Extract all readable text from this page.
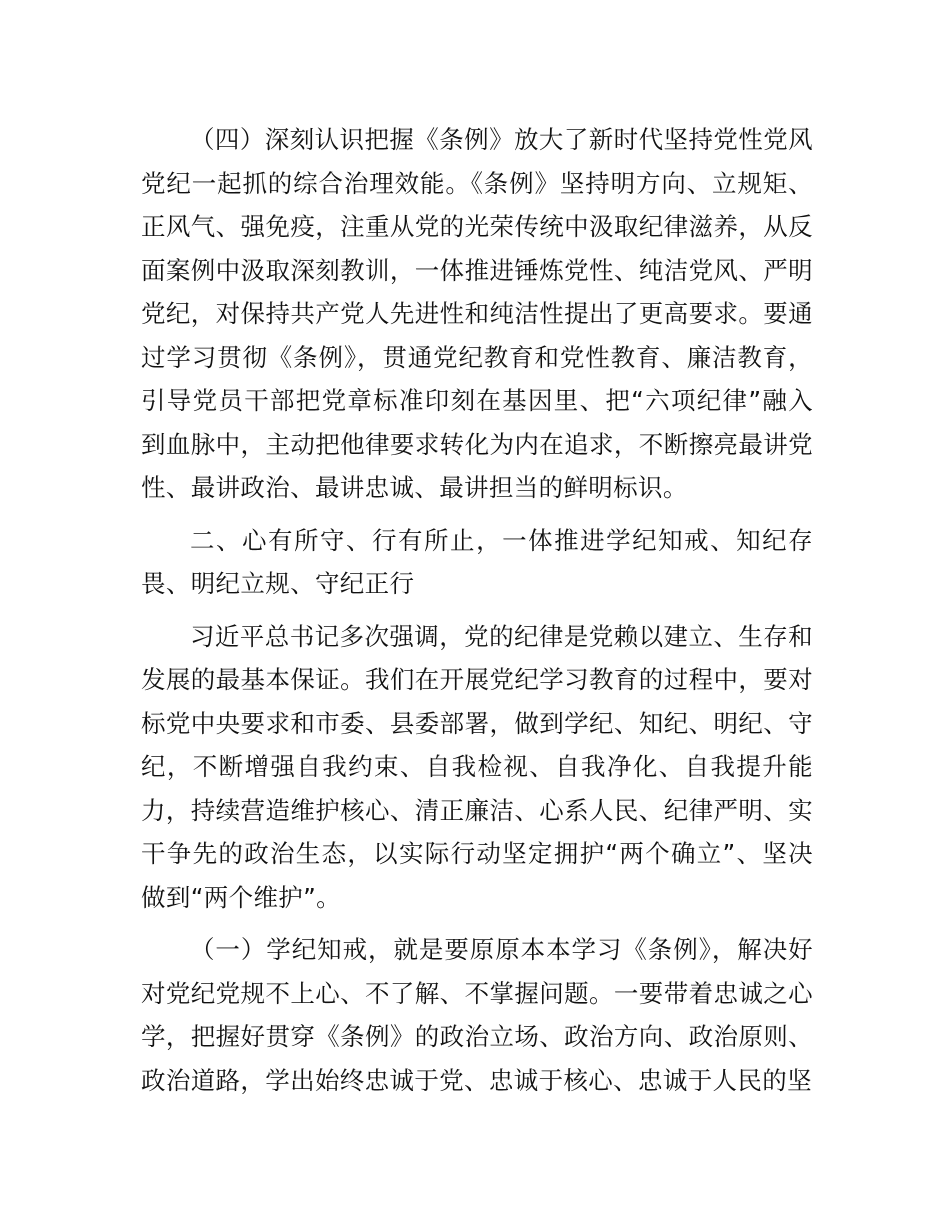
（四）深刻认识把握《条例》放大了新时代坚持党性党风党纪一起抓的综合治理效能。《条例》坚持明方向、立规矩、正风气、强免疫，注重从党的光荣传统中汲取纪律滋养，从反面案例中汲取深刻教训，一体推进锤炼党性、纯洁党风、严明党纪，对保持共产党人先进性和纯洁性提出了更高要求。要通过学习贯彻《条例》，贯通党纪教育和党性教育、廉洁教育，引导党员干部把党章标准印刻在基因里、把“六项纪律”融入到血脉中，主动把他律要求转化为内在追求，不断擦亮最讲党性、最讲政治、最讲忠诚、最讲担当的鲜明标识。

二、心有所守、行有所止，一体推进学纪知戒、知纪存畏、明纪立规、守纪正行

习近平总书记多次强调，党的纪律是党赖以建立、生存和发展的最基本保证。我们在开展党纪学习教育的过程中，要对标党中央要求和市委、县委部署，做到学纪、知纪、明纪、守纪，不断增强自我约束、自我检视、自我净化、自我提升能力，持续营造维护核心、清正廉洁、心系人民、纪律严明、实干争先的政治生态，以实际行动坚定拥护“两个确立”、坚决做到“两个维护”。

（一）学纪知戒，就是要原原本本学习《条例》，解决好对党纪党规不上心、不了解、不掌握问题。一要带着忠诚之心学，把握好贯穿《条例》的政治立场、政治方向、政治原则、政治道路，学出始终忠诚于党、忠诚于核心、忠诚于人民的坚
